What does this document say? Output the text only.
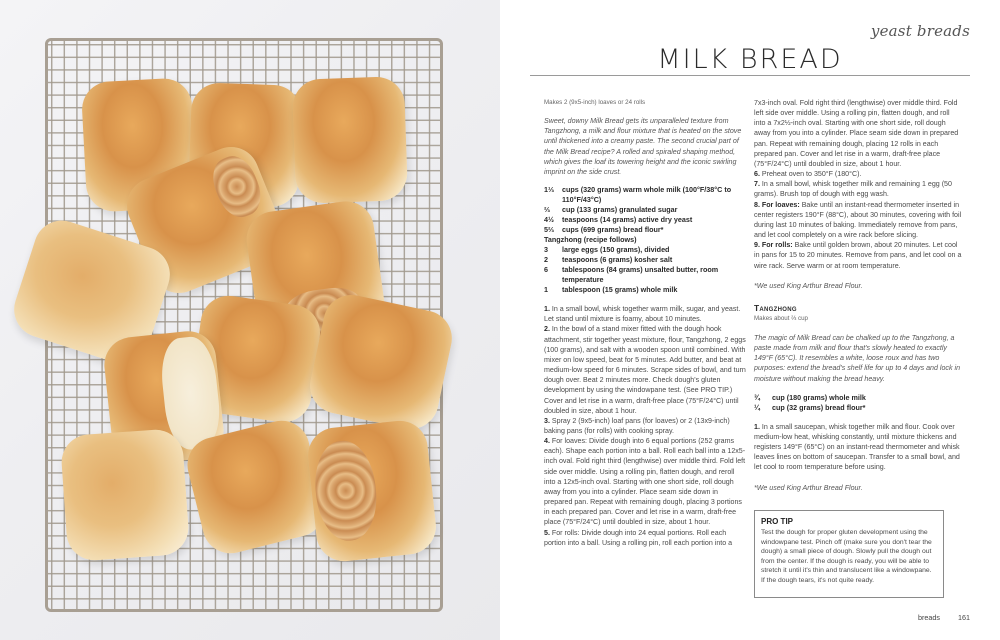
yeast breads
MILK BREAD

Makes 2 (9x5-inch) loaves or 24 rolls

Sweet, downy Milk Bread gets its unparalleled texture from Tangzhong, a milk and flour mixture that is heated on the stove until thickened into a creamy paste. The second crucial part of the Milk Bread recipe? A rolled and spiraled shaping method, which gives the loaf its towering height and the iconic swirling imprint on the side crust.

1⅓	cups (320 grams) warm whole milk (100°F/38°C to 110°F/43°C)
⅔	cup (133 grams) granulated sugar
4½	teaspoons (14 grams) active dry yeast
5⅔	cups (699 grams) bread flour*
Tangzhong (recipe follows)
3	large eggs (150 grams), divided
2	teaspoons (6 grams) kosher salt
6	tablespoons (84 grams) unsalted butter, room temperature
1	tablespoon (15 grams) whole milk

1. In a small bowl, whisk together warm milk, sugar, and yeast. Let stand until mixture is foamy, about 10 minutes.

2. In the bowl of a stand mixer fitted with the dough hook attachment, stir together yeast mixture, flour, Tangzhong, 2 eggs (100 grams), and salt with a wooden spoon until combined. With mixer on low speed, beat for 5 minutes. Add butter, and beat at medium-low speed for 6 minutes. Scrape sides of bowl, and turn dough over. Beat 2 minutes more. Check dough's gluten development by using the windowpane test. (See PRO TIP.) Cover and let rise in a warm, draft-free place (75°F/24°C) until doubled in size, about 1 hour.

3. Spray 2 (9x5-inch) loaf pans (for loaves) or 2 (13x9-inch) baking pans (for rolls) with cooking spray.

4. For loaves: Divide dough into 6 equal portions (252 grams each). Shape each portion into a ball. Roll each ball into a 12x5-inch oval. Fold right third (lengthwise) over middle third. Fold left side over middle. Using a rolling pin, flatten dough, and reroll into a 12x5-inch oval. Starting with one short side, roll dough away from you into a cylinder. Place seam side down in prepared pan. Repeat with remaining dough, placing 3 portions in each prepared pan. Cover and let rise in a warm, draft-free place (75°F/24°C) until doubled in size, about 1 hour.

5. For rolls: Divide dough into 24 equal portions. Roll each portion into a ball. Using a rolling pin, roll each portion into a

7x3-inch oval. Fold right third (lengthwise) over middle third. Fold left side over middle. Using a rolling pin, flatten dough, and roll into a 7x2½-inch oval. Starting with one short side, roll dough away from you into a cylinder. Place seam side down in prepared pan. Repeat with remaining dough, placing 12 rolls in each prepared pan. Cover and let rise in a warm, draft-free place (75°F/24°C) until doubled in size, about 1 hour.

6. Preheat oven to 350°F (180°C).

7. In a small bowl, whisk together milk and remaining 1 egg (50 grams). Brush top of dough with egg wash.

8. For loaves: Bake until an instant-read thermometer inserted in center registers 190°F (88°C), about 30 minutes, covering with foil during last 10 minutes of baking. Immediately remove from pans, and let cool completely on a wire rack before slicing.

9. For rolls: Bake until golden brown, about 20 minutes. Let cool in pans for 15 to 20 minutes. Remove from pans, and let cool on a wire rack. Serve warm or at room temperature.

*We used King Arthur Bread Flour.

Tangzhong

Makes about ⅔ cup

The magic of Milk Bread can be chalked up to the Tangzhong, a paste made from milk and flour that's slowly heated to exactly 149°F (65°C). It resembles a white, loose roux and has two purposes: extend the bread's shelf life for up to 4 days and lock in moisture without making the bread heavy.

¾	cup (180 grams) whole milk
¼	cup (32 grams) bread flour*

1. In a small saucepan, whisk together milk and flour. Cook over medium-low heat, whisking constantly, until mixture thickens and registers 149°F (65°C) on an instant-read thermometer and whisk leaves lines on bottom of saucepan. Transfer to a small bowl, and let cool to room temperature before using.

*We used King Arthur Bread Flour.

PRO TIP

Test the dough for proper gluten development using the windowpane test. Pinch off (make sure you don't tear the dough) a small piece of dough. Slowly pull the dough out from the center. If the dough is ready, you will be able to stretch it until it's thin and translucent like a windowpane. If the dough tears, it's not quite ready.

breads	161
